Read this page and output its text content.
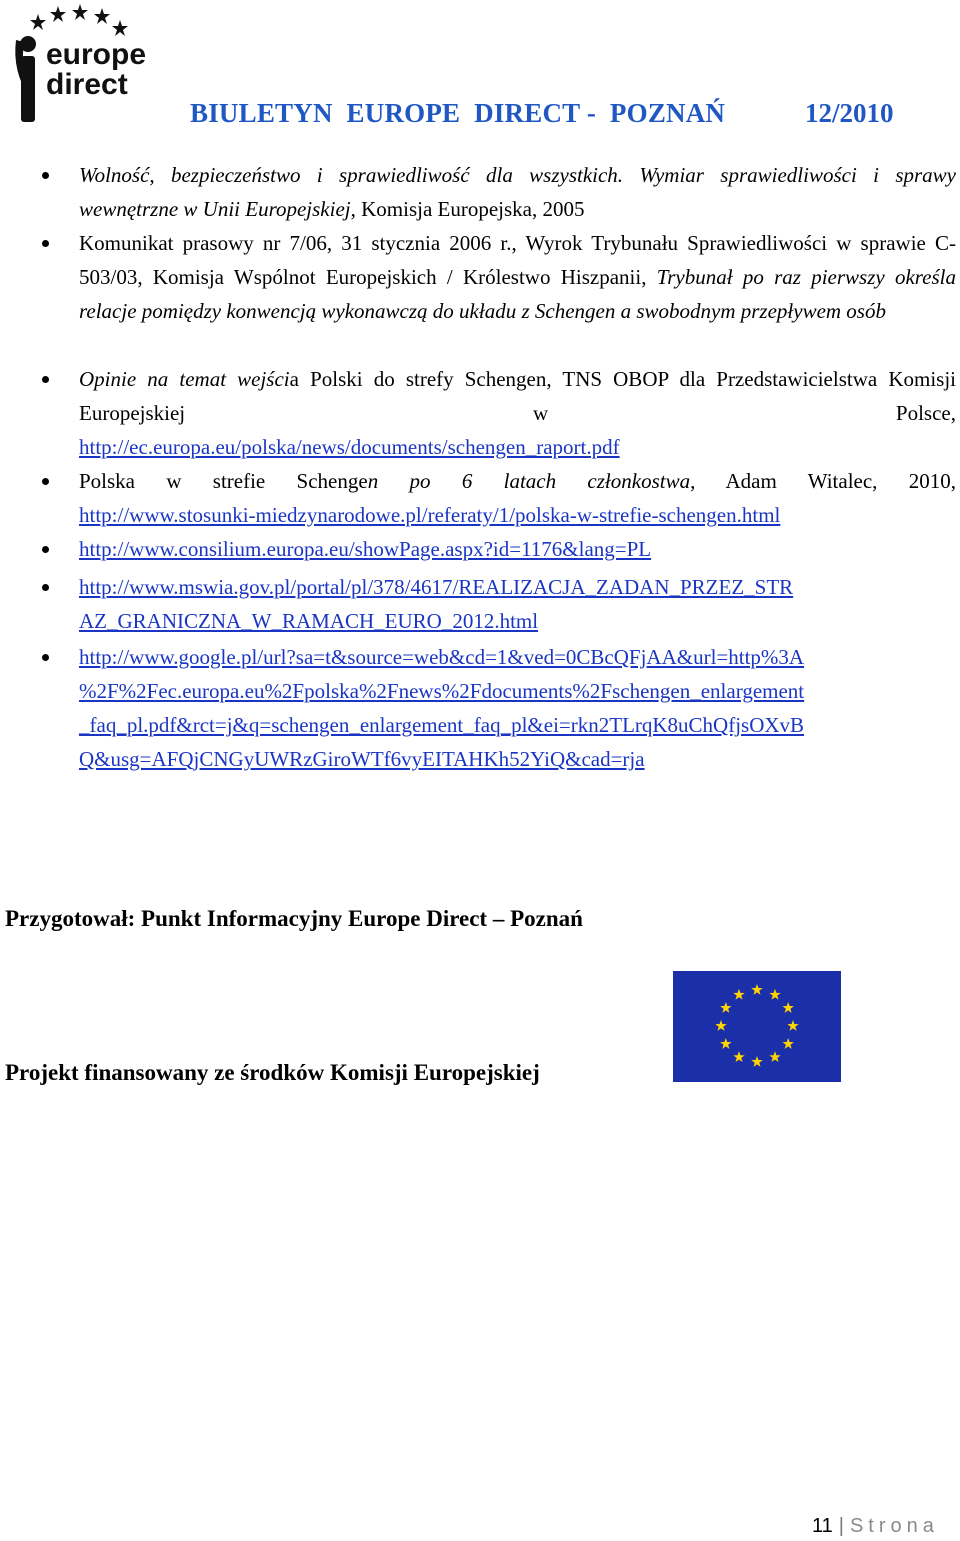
europe
direct
BIULETYN  EUROPE  DIRECT -  POZNAŃ	12/2010
Wolność, bezpieczeństwo i sprawiedliwość dla wszystkich. Wymiar sprawiedliwości i sprawy wewnętrzne w Unii Europejskiej, Komisja Europejska, 2005
Komunikat prasowy nr 7/06, 31 stycznia 2006 r., Wyrok Trybunału Sprawiedliwości w sprawie C-503/03, Komisja Wspólnot Europejskich / Królestwo Hiszpanii, Trybunał po raz pierwszy określa relacje pomiędzy konwencją wykonawczą do układu z Schengen a swobodnym przepływem osób
Opinie na temat wejścia Polski do strefy Schengen, TNS OBOP dla Przedstawicielstwa Komisji Europejskiej w Polsce,
http://ec.europa.eu/polska/news/documents/schengen_raport.pdf
Polska w strefie Schengen po 6 latach członkostwa, Adam Witalec, 2010,
http://www.stosunki-miedzynarodowe.pl/referaty/1/polska-w-strefie-schengen.html
http://www.consilium.europa.eu/showPage.aspx?id=1176&lang=PL
http://www.mswia.gov.pl/portal/pl/378/4617/REALIZACJA_ZADAN_PRZEZ_STR
AZ_GRANICZNA_W_RAMACH_EURO_2012.html
http://www.google.pl/url?sa=t&source=web&cd=1&ved=0CBcQFjAA&url=http%3A
%2F%2Fec.europa.eu%2Fpolska%2Fnews%2Fdocuments%2Fschengen_enlargement
_faq_pl.pdf&rct=j&q=schengen_enlargement_faq_pl&ei=rkn2TLrqK8uChQfjsOXvB
Q&usg=AFQjCNGyUWRzGiroWTf6vyEITAHKh52YiQ&cad=rja
Przygotował: Punkt Informacyjny Europe Direct – Poznań
Projekt finansowany ze środków Komisji Europejskiej
11 | Strona
